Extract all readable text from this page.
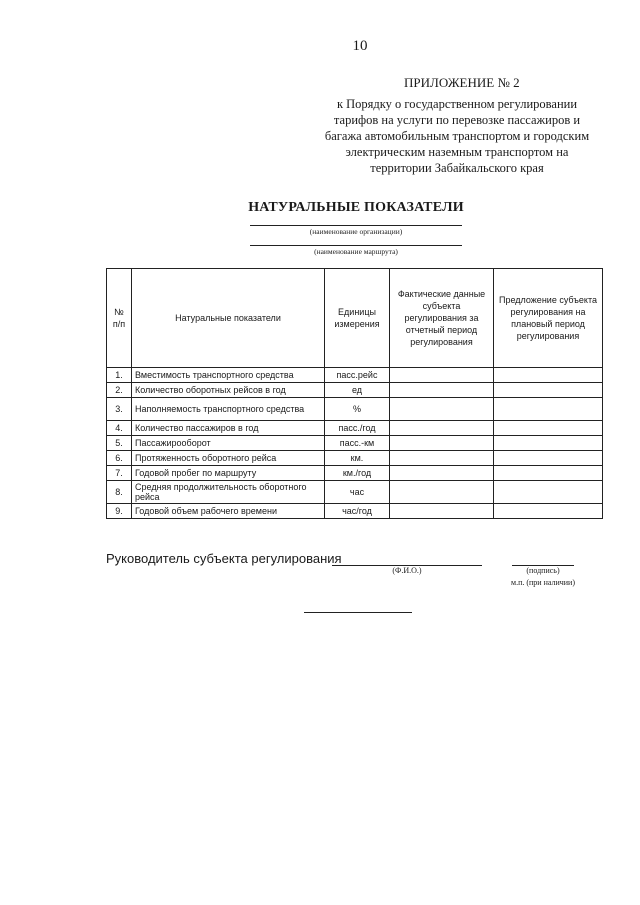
10
ПРИЛОЖЕНИЕ № 2
к Порядку о государственном регулировании тарифов на услуги по перевозке пассажиров и багажа автомобильным транспортом и городским электрическим наземным транспортом на территории Забайкальского края
НАТУРАЛЬНЫЕ ПОКАЗАТЕЛИ
(наименование организации)
(наименование маршрута)
№ п/п	Натуральные показатели	Единицы измерения	Фактические данные субъекта регулирования за отчетный период регулирования	Предложение субъекта регулирования на плановый период регулирования
1.	Вместимость транспортного средства	пасс.рейс		
2.	Количество оборотных рейсов в год	ед		
3.	Наполняемость транспортного средства	%		
4.	Количество пассажиров в год	пасс./год		
5.	Пассажирооборот	пасс.-км		
6.	Протяженность оборотного рейса	км.		
7.	Годовой пробег по маршруту	км./год		
8.	Средняя продолжительность оборотного рейса	час		
9.	Годовой объем рабочего времени	час/год		
Руководитель субъекта регулирования
(Ф.И.О.)	(подпись)
м.п. (при наличии)
